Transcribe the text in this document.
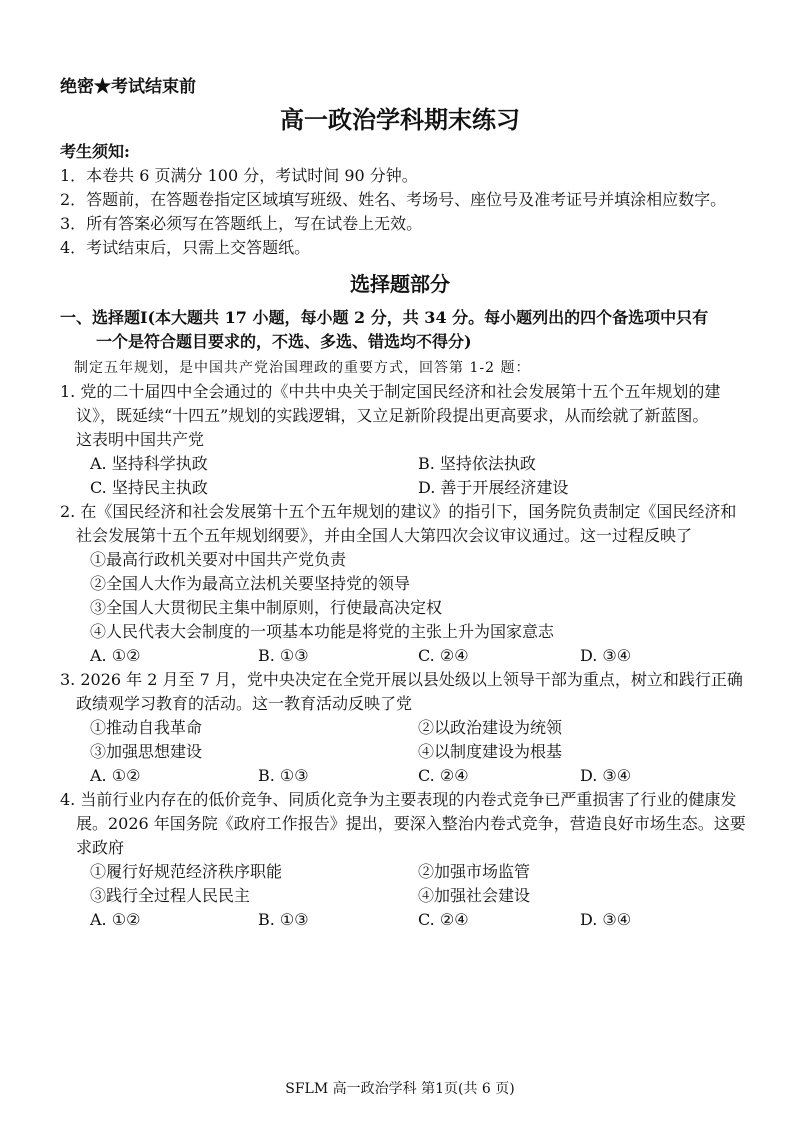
绝密★考试结束前
高一政治学科期末练习
考生须知:
1．本卷共 6 页满分 100 分，考试时间 90 分钟。
2．答题前，在答题卷指定区域填写班级、姓名、考场号、座位号及准考证号并填涂相应数字。
3．所有答案必须写在答题纸上，写在试卷上无效。
4．考试结束后，只需上交答题纸。
选择题部分
一、选择题Ⅰ(本大题共 17 小题，每小题 2 分，共 34 分。每小题列出的四个备选项中只有
一个是符合题目要求的，不选、多选、错选均不得分)
制定五年规划，是中国共产党治国理政的重要方式，回答第 1-2 题：
1. 党的二十届四中全会通过的《中共中央关于制定国民经济和社会发展第十五个五年规划的建
议》，既延续“十四五”规划的实践逻辑，又立足新阶段提出更高要求，从而绘就了新蓝图。
这表明中国共产党
A. 坚持科学执政	B. 坚持依法执政
C. 坚持民主执政	D. 善于开展经济建设
2. 在《国民经济和社会发展第十五个五年规划的建议》的指引下，国务院负责制定《国民经济和
社会发展第十五个五年规划纲要》，并由全国人大第四次会议审议通过。这一过程反映了
①最高行政机关要对中国共产党负责
②全国人大作为最高立法机关要坚持党的领导
③全国人大贯彻民主集中制原则，行使最高决定权
④人民代表大会制度的一项基本功能是将党的主张上升为国家意志
A. ①②	B. ①③	C. ②④	D. ③④
3. 2026 年 2 月至 7 月，党中央决定在全党开展以县处级以上领导干部为重点，树立和践行正确
政绩观学习教育的活动。这一教育活动反映了党
①推动自我革命	②以政治建设为统领
③加强思想建设	④以制度建设为根基
A. ①②	B. ①③	C. ②④	D. ③④
4. 当前行业内存在的低价竞争、同质化竞争为主要表现的内卷式竞争已严重损害了行业的健康发
展。2026 年国务院《政府工作报告》提出，要深入整治内卷式竞争，营造良好市场生态。这要
求政府
①履行好规范经济秩序职能	②加强市场监管
③践行全过程人民民主	④加强社会建设
A. ①②	B. ①③	C. ②④	D. ③④
SFLM 高一政治学科 第1页(共 6 页)
